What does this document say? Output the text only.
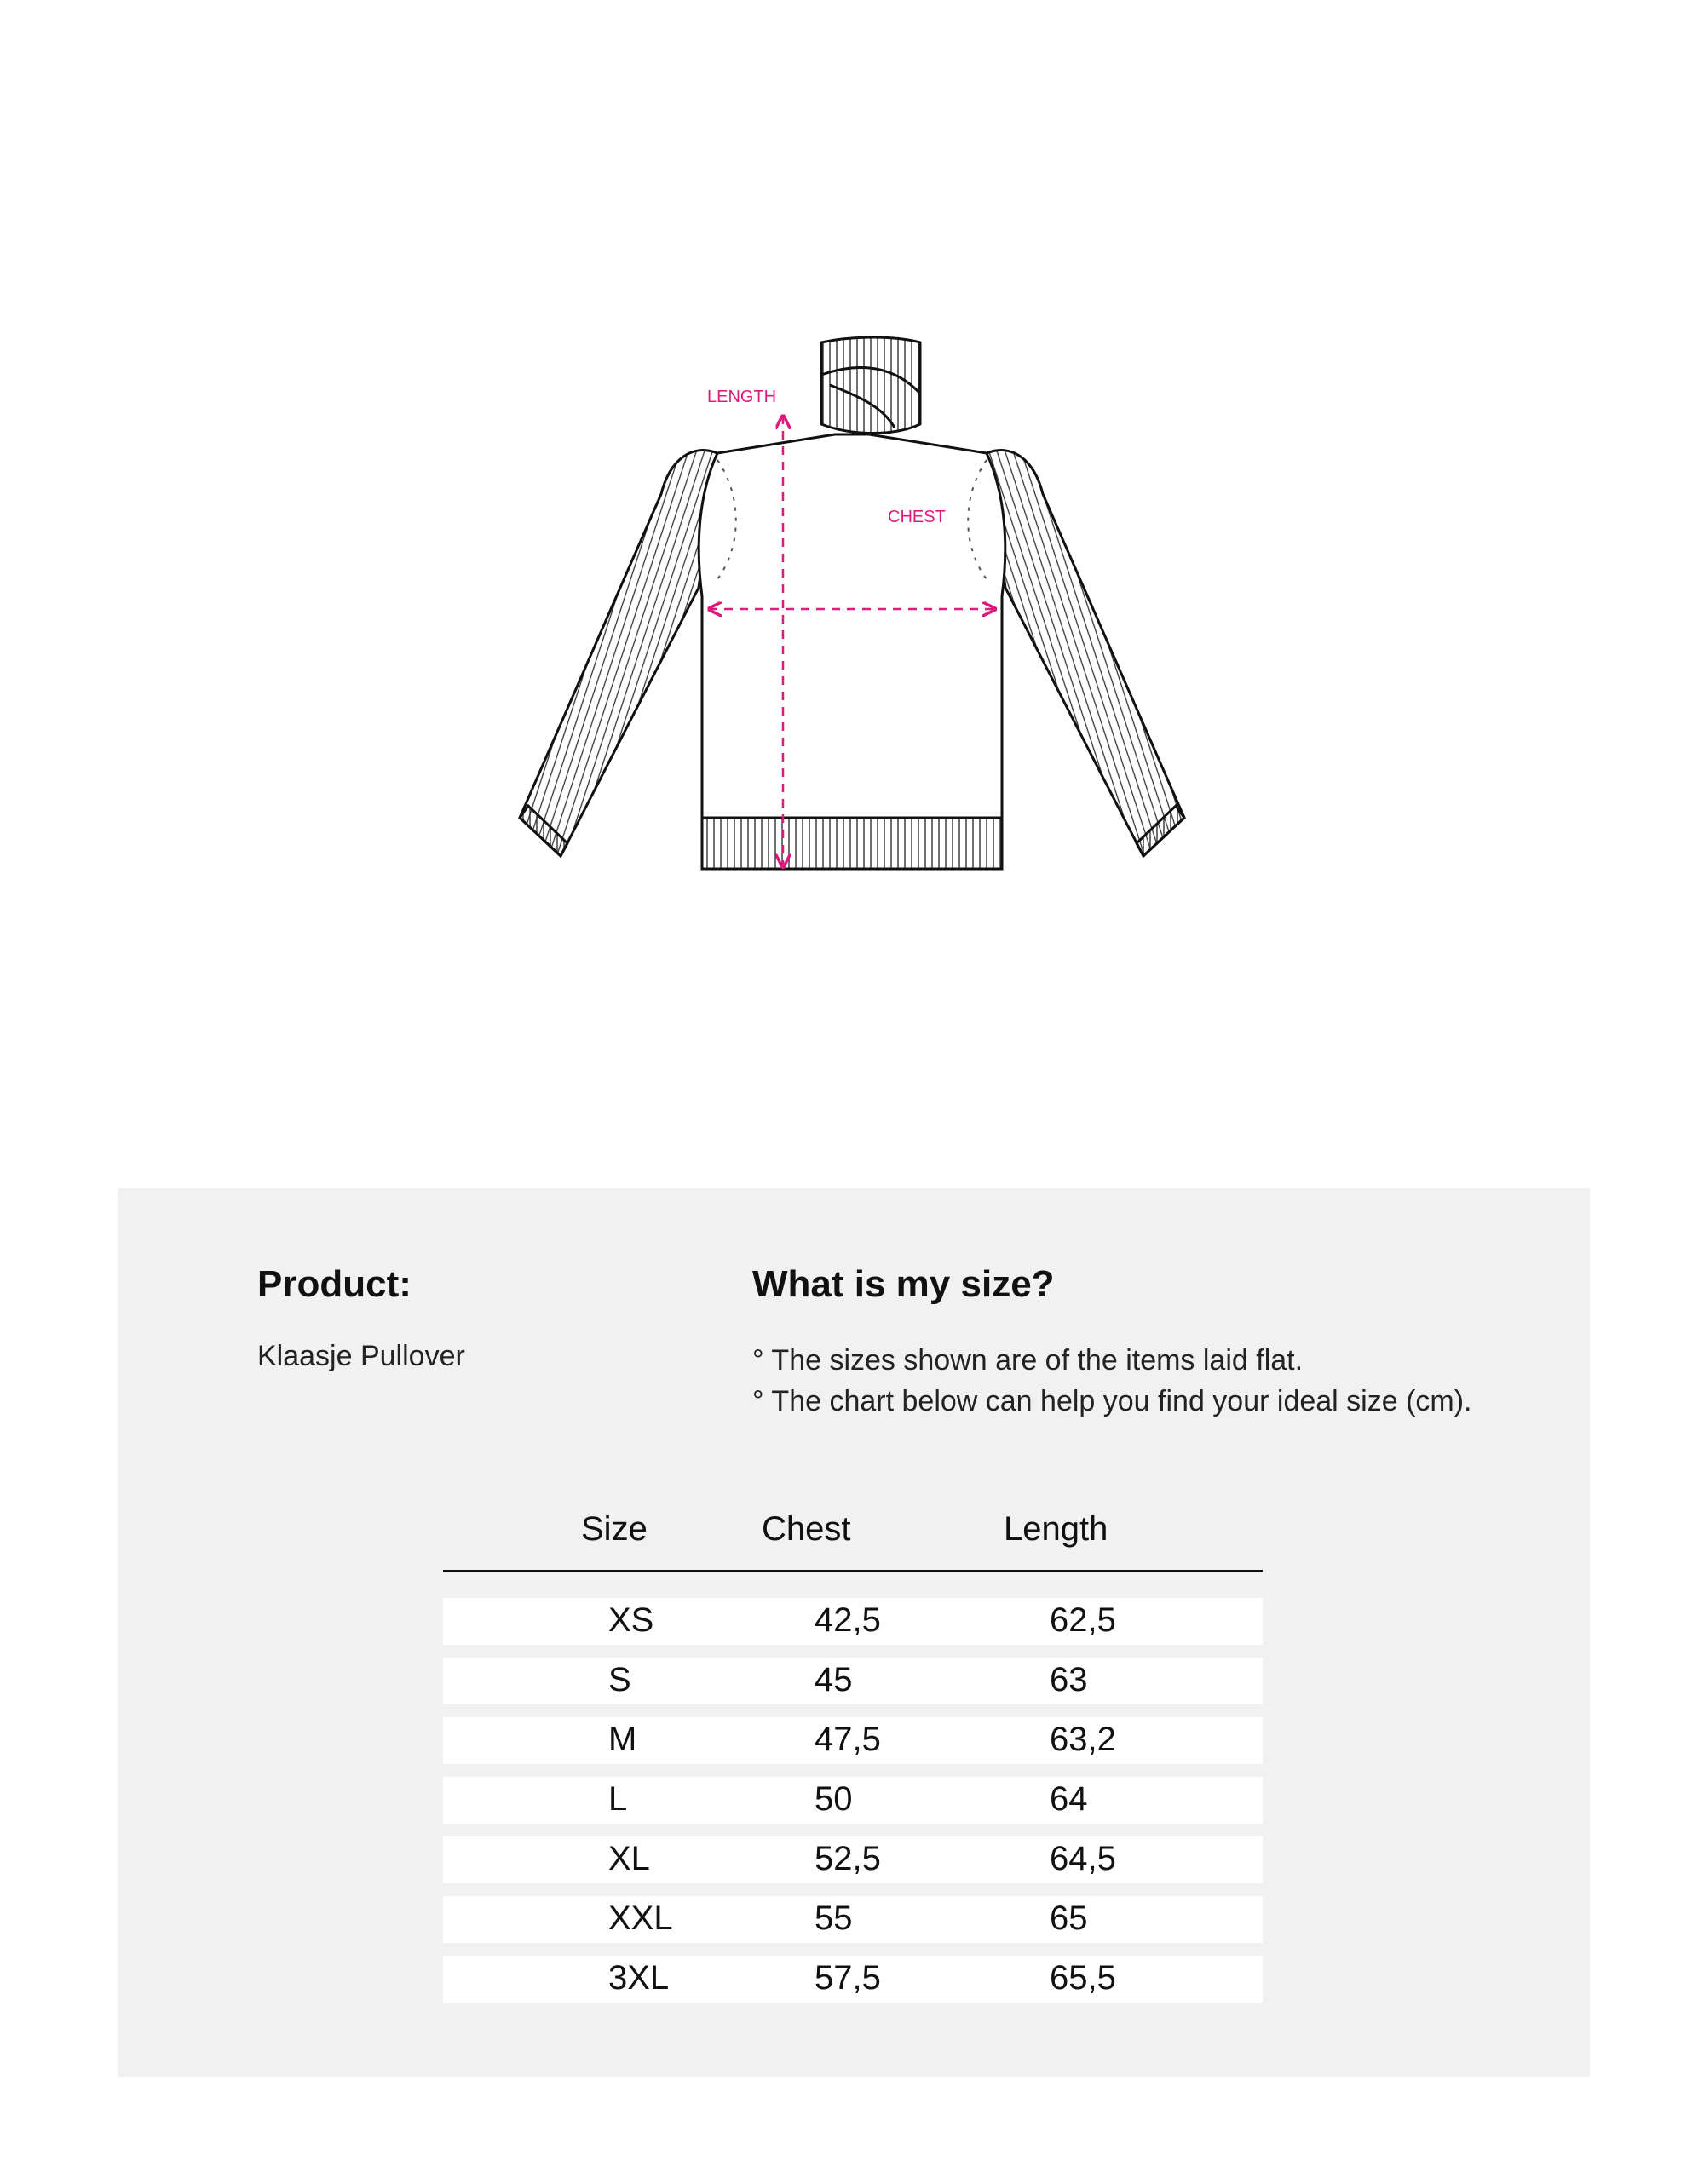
LENGTH
CHEST
Product:
Klaasje Pullover
What is my size?
° The sizes shown are of the items laid flat.
° The chart below can help you find your ideal size (cm).
Size	Chest	Length
XS	42,5	62,5
S	45	63
M	47,5	63,2
L	50	64
XL	52,5	64,5
XXL	55	65
3XL	57,5	65,5
